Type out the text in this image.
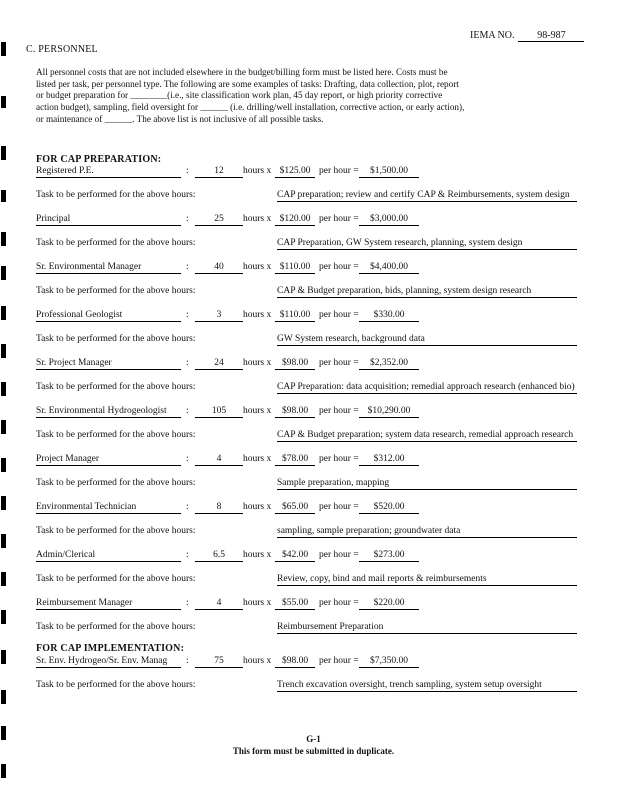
IEMA NO. 98-987
C. PERSONNEL
All personnel costs that are not included elsewhere in the budget/billing form must be listed here. Costs must be listed per task, per personnel type. The following are some examples of tasks: Drafting, data collection, plot, report or budget preparation for ________(i.e., site classification work plan, 45 day report, or high priority corrective action budget), sampling, field oversight for ______ (i.e. drilling/well installation, corrective action, or early action), or maintenance of ______. The above list is not inclusive of all possible tasks.
FOR CAP PREPARATION:
Registered P.E.	:	12	hours x $125.00 per hour =	$1,500.00
Task to be performed for the above hours:	CAP preparation; review and certify CAP & Reimbursements, system design
Principal	:	25	hours x $120.00 per hour =	$3,000.00
Task to be performed for the above hours:	CAP Preparation, GW System research, planning, system design
Sr. Environmental Manager	:	40	hours x $110.00 per hour =	$4,400.00
Task to be performed for the above hours:	CAP & Budget preparation, bids, planning, system design research
Professional Geologist	:	3	hours x $110.00 per hour =	$330.00
Task to be performed for the above hours:	GW System research, background data
Sr. Project Manager	:	24	hours x	$98.00	per hour =	$2,352.00
Task to be performed for the above hours:	CAP Preparation: data acquisition; remedial approach research (enhanced bio)
Sr. Environmental Hydrogeologist	:	105	hours x	$98.00	per hour = $10,290.00
Task to be performed for the above hours:	CAP & Budget preparation; system data research, remedial approach research
Project Manager	:	4	hours x	$78.00	per hour =	$312.00
Task to be performed for the above hours:	Sample preparation, mapping
Environmental Technician	:	8	hours x	$65.00	per hour =	$520.00
Task to be performed for the above hours:	sampling, sample preparation; groundwater data
Admin/Clerical	:	6.5	hours x	$42.00	per hour =	$273.00
Task to be performed for the above hours:	Review, copy, bind and mail reports & reimbursements
Reimbursement Manager	:	4	hours x	$55.00	per hour =	$220.00
Task to be performed for the above hours:	Reimbursement Preparation
FOR CAP IMPLEMENTATION:
Sr. Env. Hydrogeo/Sr. Env. Manag	:	75	hours x	$98.00	per hour =	$7,350.00
Task to be performed for the above hours:	Trench excavation oversight, trench sampling, system setup oversight
G-1
This form must be submitted in duplicate.
